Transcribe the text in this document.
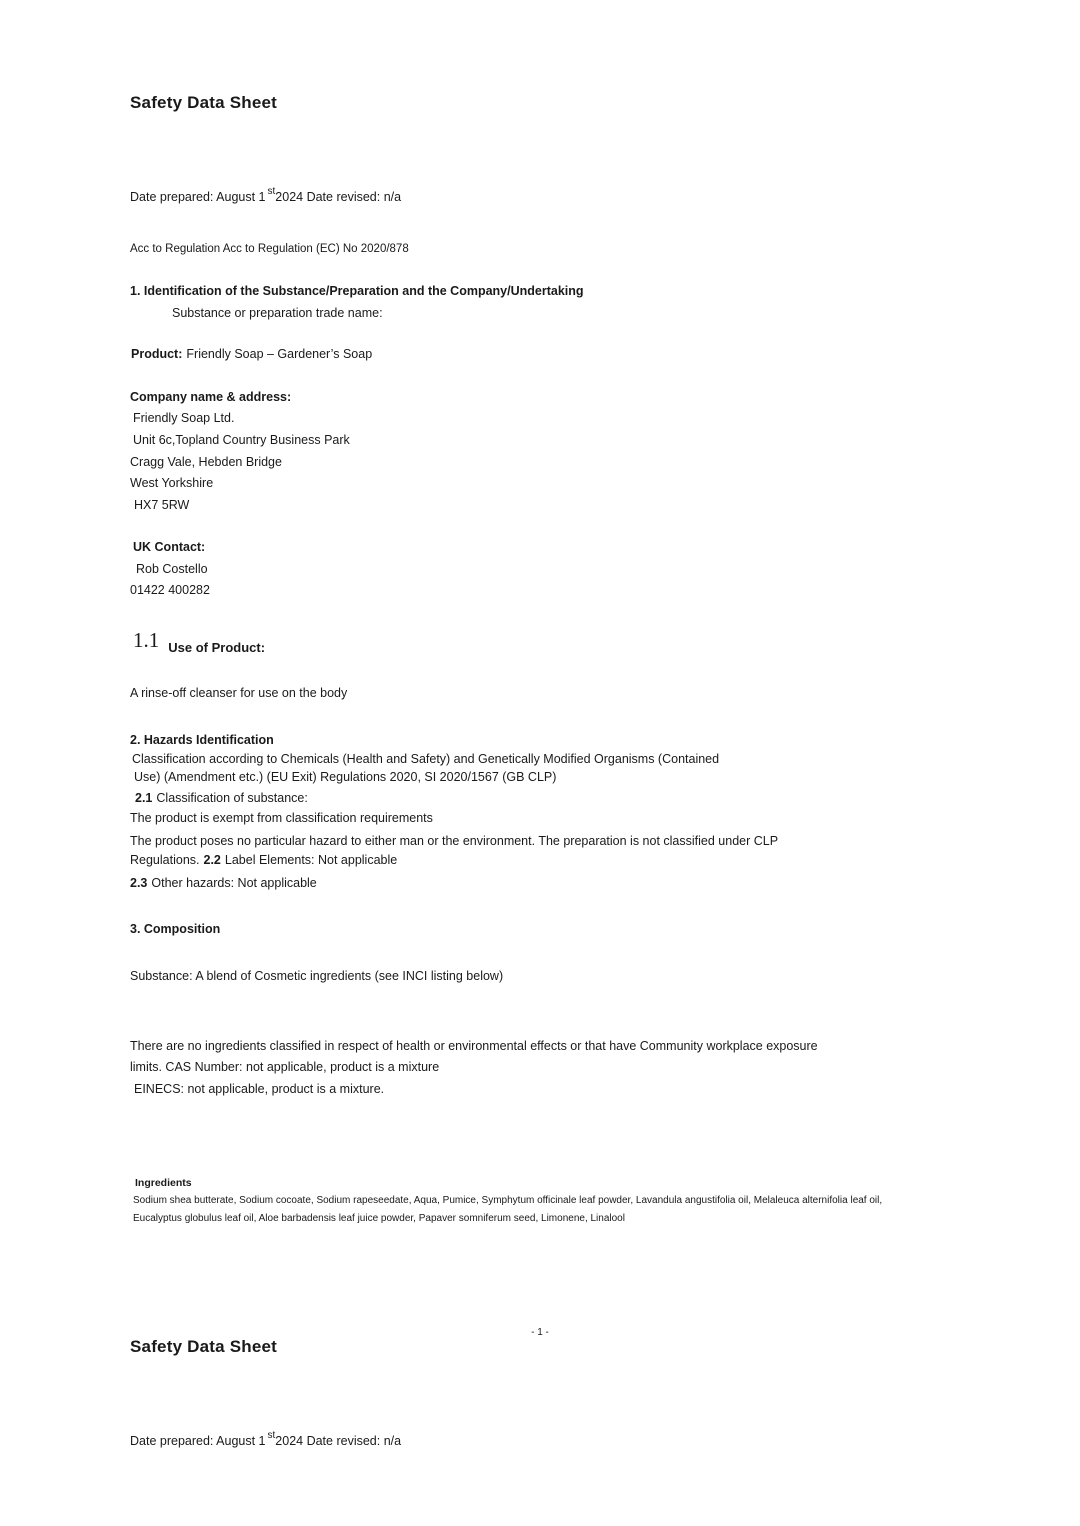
Safety Data Sheet
Date prepared: August 1 $^{st}$2024 Date revised: n/a
Acc to Regulation Acc to Regulation (EC) No 2020/878
1. Identification of the Substance/Preparation and the Company/Undertaking
Substance or preparation trade name:
Product: Friendly Soap – Gardener’s Soap
Company name & address:
Friendly Soap Ltd.
Unit 6c,Topland Country Business Park
Cragg Vale, Hebden Bridge
West Yorkshire
HX7 5RW
UK Contact:
Rob Costello
01422 400282
1.1 Use of Product:
A rinse-off cleanser for use on the body
2. Hazards Identification
Classification according to Chemicals (Health and Safety) and Genetically Modified Organisms (Contained
Use) (Amendment etc.) (EU Exit) Regulations 2020, SI 2020/1567 (GB CLP)
2.1 Classification of substance:
The product is exempt from classification requirements
The product poses no particular hazard to either man or the environment. The preparation is not classified under CLP
Regulations. 2.2 Label Elements: Not applicable
2.3 Other hazards: Not applicable
3. Composition
Substance: A blend of Cosmetic ingredients (see INCI listing below)
There are no ingredients classified in respect of health or environmental effects or that have Community workplace exposure
limits. CAS Number: not applicable, product is a mixture
EINECS: not applicable, product is a mixture.
Ingredients
Sodium shea butterate, Sodium cocoate, Sodium rapeseedate, Aqua, Pumice, Symphytum officinale leaf powder, Lavandula angustifolia oil, Melaleuca alternifolia leaf oil, Eucalyptus globulus leaf oil, Aloe barbadensis leaf juice powder, Papaver somniferum seed, Limonene, Linalool
- 1 -
Safety Data Sheet
Date prepared: August 1 $^{st}$2024 Date revised: n/a
